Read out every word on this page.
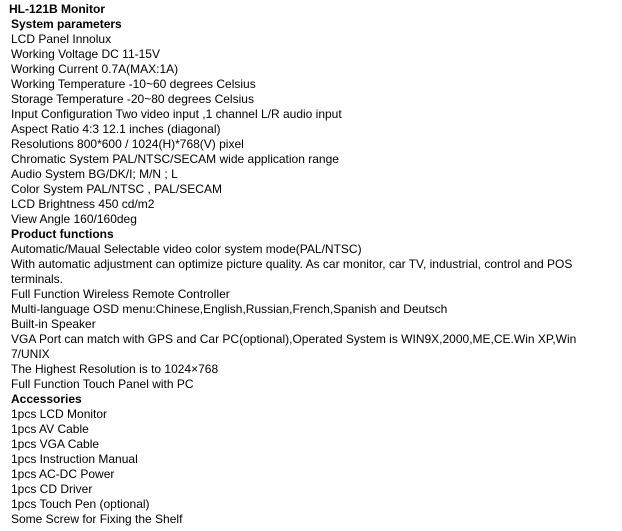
HL-121B Monitor
System parameters
LCD Panel Innolux
Working Voltage DC 11-15V
Working Current 0.7A(MAX:1A)
Working Temperature -10~60 degrees Celsius
Storage Temperature -20~80 degrees Celsius
Input Configuration Two video input ,1 channel L/R audio input
Aspect Ratio 4:3 12.1 inches (diagonal)
Resolutions 800*600 / 1024(H)*768(V) pixel
Chromatic System PAL/NTSC/SECAM wide application range
Audio System BG/DK/I; M/N ; L
Color System PAL/NTSC , PAL/SECAM
LCD Brightness 450 cd/m2
View Angle 160/160deg
Product functions
Automatic/Maual Selectable video color system mode(PAL/NTSC)
With automatic adjustment can optimize picture quality. As car monitor, car TV, industrial, control and POS terminals.
Full Function Wireless Remote Controller
Multi-language OSD menu:Chinese,English,Russian,French,Spanish and Deutsch
Built-in Speaker
VGA Port can match with GPS and Car PC(optional),Operated System is WIN9X,2000,ME,CE.Win XP,Win 7/UNIX
The Highest Resolution is to 1024×768
Full Function Touch Panel with PC
Accessories
1pcs LCD Monitor
1pcs AV Cable
1pcs VGA Cable
1pcs Instruction Manual
1pcs AC-DC Power
1pcs CD Driver
1pcs Touch Pen (optional)
Some Screw for Fixing the Shelf
